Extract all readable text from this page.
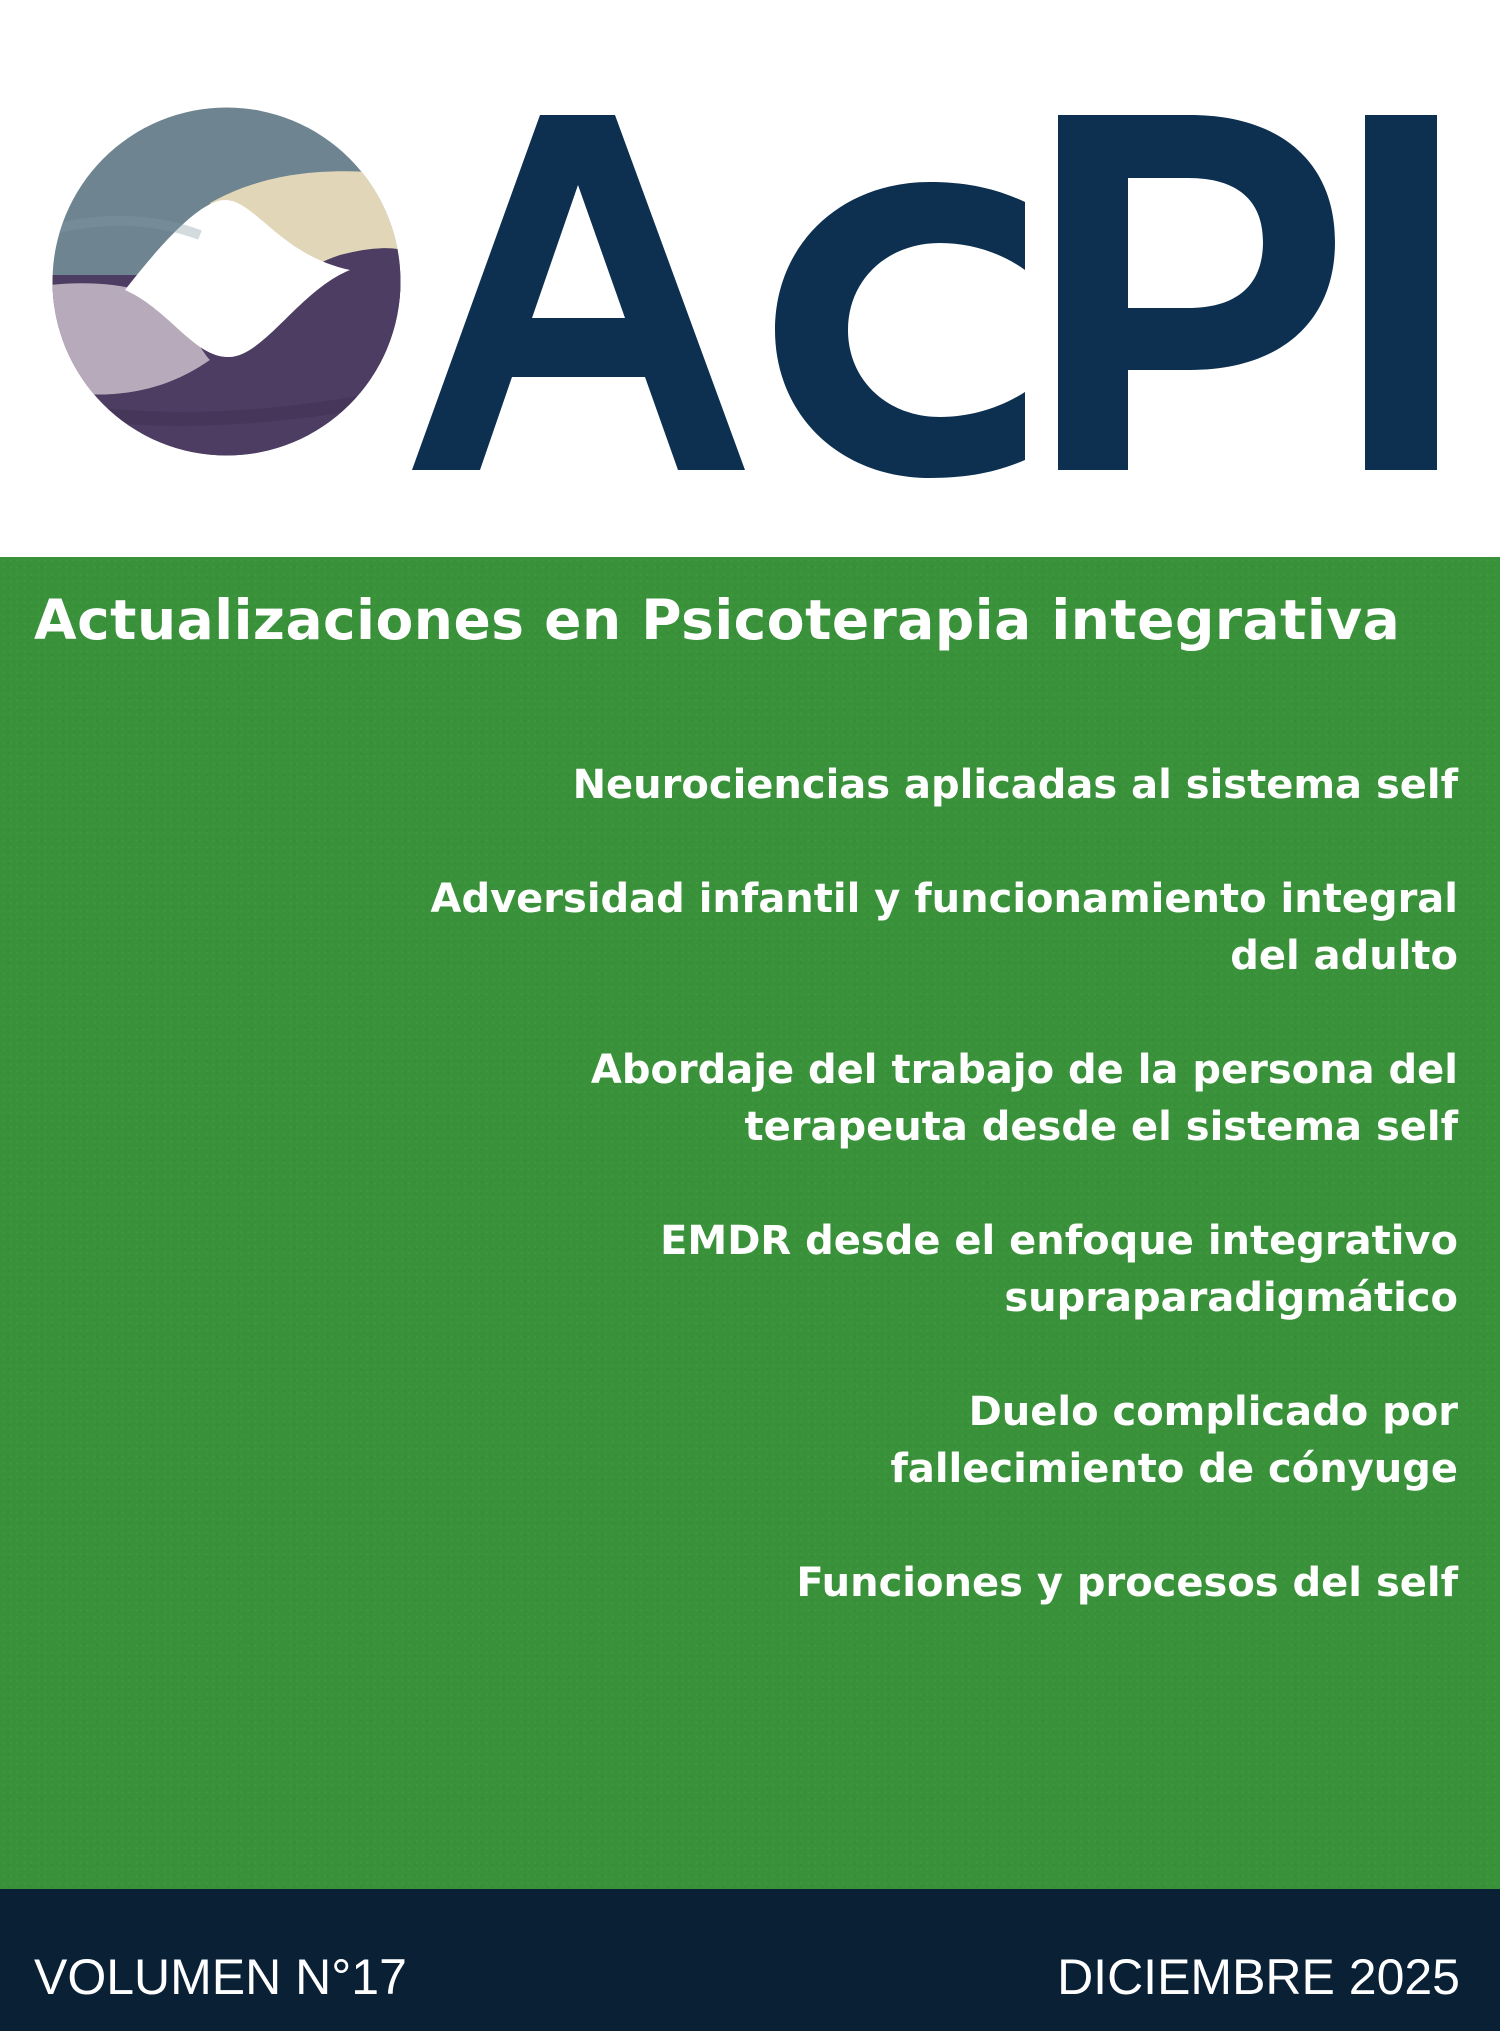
Actualizaciones en Psicoterapia integrativa
Neurociencias aplicadas al sistema self
Adversidad infantil y funcionamiento integral
del adulto
Abordaje del trabajo de la persona del
terapeuta desde el sistema self
EMDR desde el enfoque integrativo
supraparadigmático
Duelo complicado por
fallecimiento de cónyuge
Funciones y procesos del self
VOLUMEN N°17	DICIEMBRE 2025
